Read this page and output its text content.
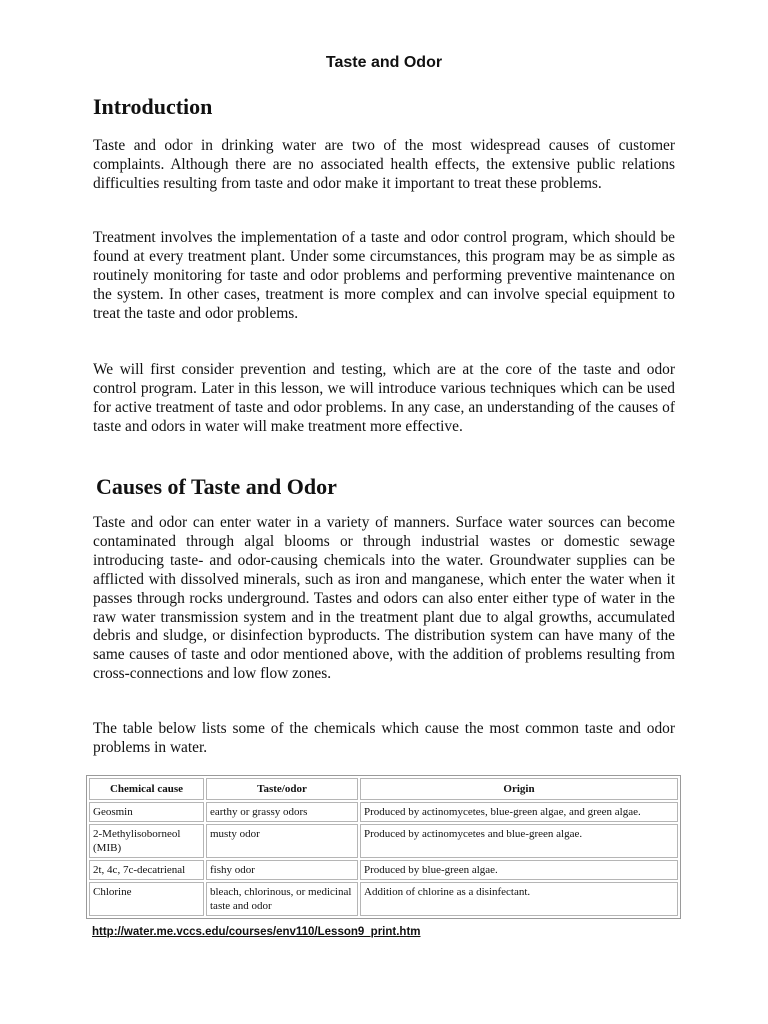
Taste and Odor
Introduction

Taste and odor in drinking water are two of the most widespread causes of customer complaints. Although there are no associated health effects, the extensive public relations difficulties resulting from taste and odor make it important to treat these problems.

Treatment involves the implementation of a taste and odor control program, which should be found at every treatment plant. Under some circumstances, this program may be as simple as routinely monitoring for taste and odor problems and performing preventive maintenance on the system. In other cases, treatment is more complex and can involve special equipment to treat the taste and odor problems.

We will first consider prevention and testing, which are at the core of the taste and odor control program. Later in this lesson, we will introduce various techniques which can be used for active treatment of taste and odor problems. In any case, an understanding of the causes of taste and odors in water will make treatment more effective.

Causes of Taste and Odor

Taste and odor can enter water in a variety of manners. Surface water sources can become contaminated through algal blooms or through industrial wastes or domestic sewage introducing taste- and odor-causing chemicals into the water. Groundwater supplies can be afflicted with dissolved minerals, such as iron and manganese, which enter the water when it passes through rocks underground. Tastes and odors can also enter either type of water in the raw water transmission system and in the treatment plant due to algal growths, accumulated debris and sludge, or disinfection byproducts. The distribution system can have many of the same causes of taste and odor mentioned above, with the addition of problems resulting from cross-connections and low flow zones.

The table below lists some of the chemicals which cause the most common taste and odor problems in water.

Chemical cause	Taste/odor	Origin
Geosmin	earthy or grassy odors	Produced by actinomycetes, blue-green algae, and green algae.
2-Methylisoborneol (MIB)	musty odor	Produced by actinomycetes and blue-green algae.
2t, 4c, 7c-decatrienal	fishy odor	Produced by blue-green algae.
Chlorine	bleach, chlorinous, or medicinal taste and odor	Addition of chlorine as a disinfectant.
http://water.me.vccs.edu/courses/env110/Lesson9_print.htm
